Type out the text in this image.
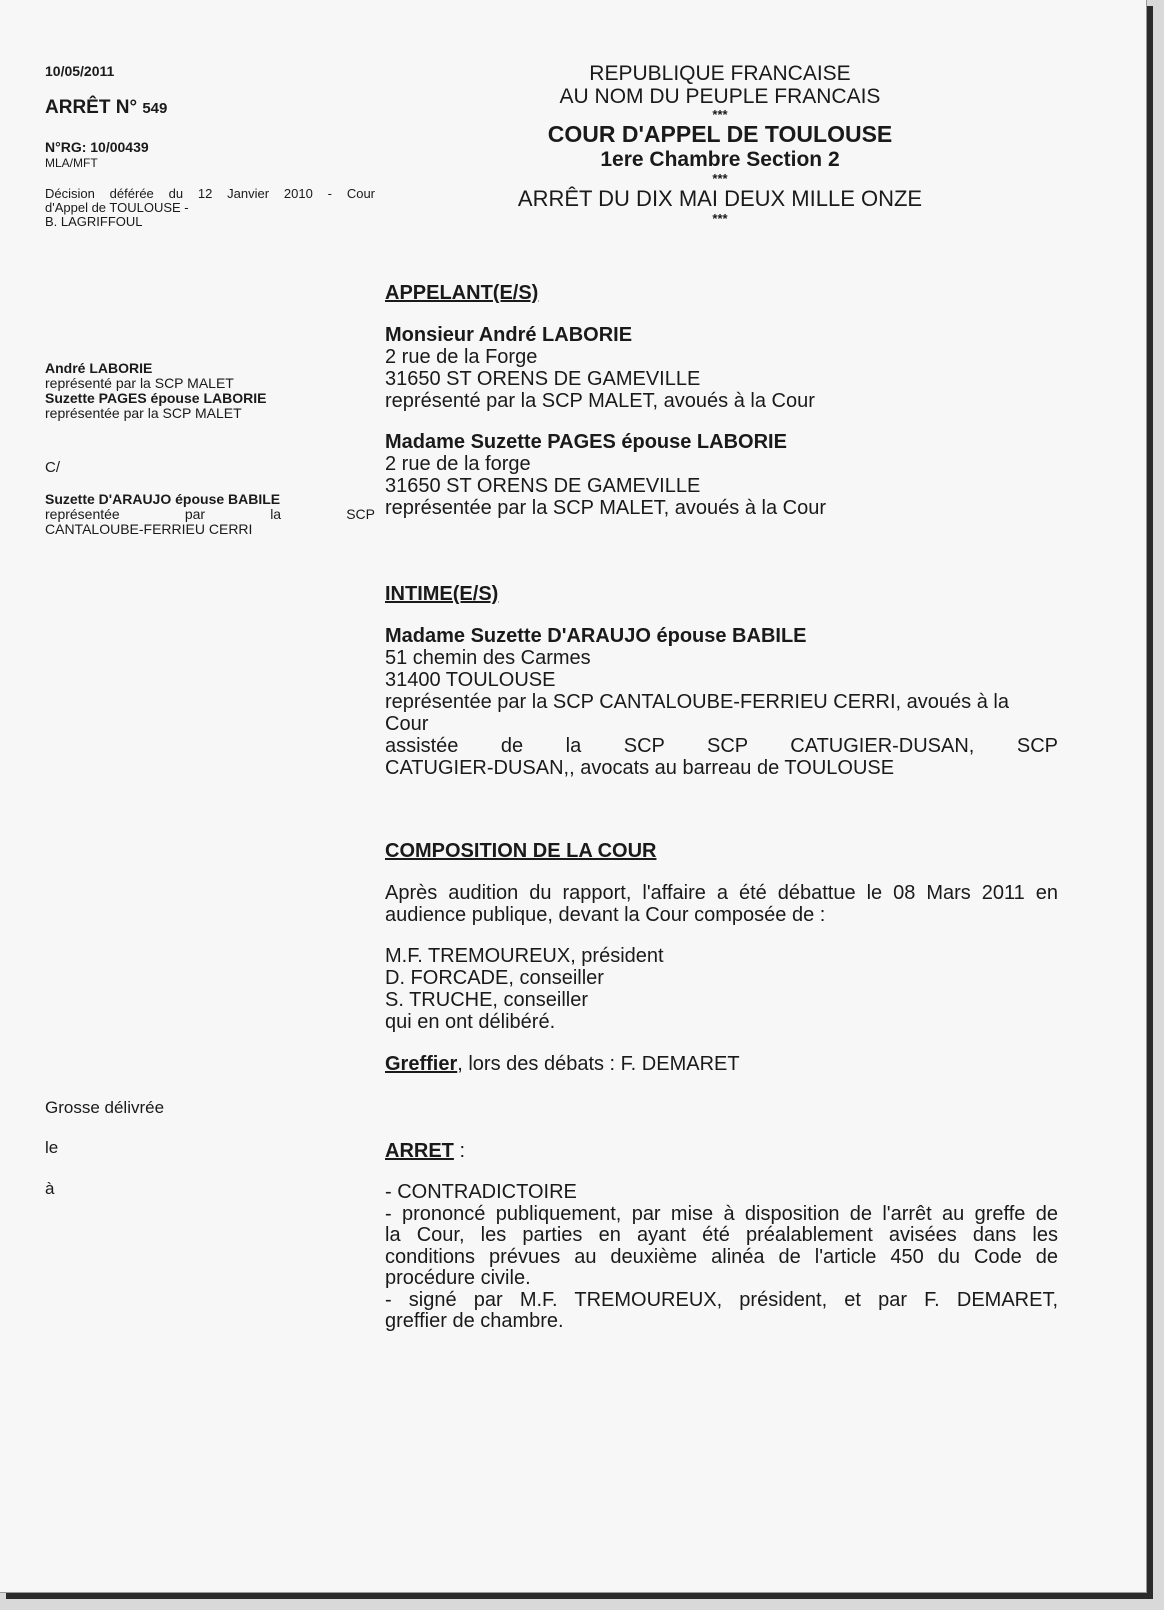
10/05/2011
ARRÊT N° 549
N°RG: 10/00439
MLA/MFT
Décision déférée du 12 Janvier 2010 - Cour
d'Appel de TOULOUSE -
B. LAGRIFFOUL
André LABORIE
représenté par la SCP MALET
Suzette PAGES épouse LABORIE
représentée par la SCP MALET
C/
Suzette D'ARAUJO épouse BABILE
représentée par la SCP
CANTALOUBE-FERRIEU CERRI
Grosse délivrée
le
à
REPUBLIQUE FRANCAISE
AU NOM DU PEUPLE FRANCAIS
***
COUR D'APPEL DE TOULOUSE
1ere Chambre Section 2
***
ARRÊT DU DIX MAI DEUX MILLE ONZE
***
APPELANT(E/S)
Monsieur André LABORIE
2 rue de la Forge
31650 ST ORENS DE GAMEVILLE
représenté par la SCP MALET, avoués à la Cour
Madame Suzette PAGES épouse LABORIE
2 rue de la forge
31650 ST ORENS DE GAMEVILLE
représentée par la SCP MALET, avoués à la Cour
INTIME(E/S)
Madame Suzette D'ARAUJO épouse BABILE
51 chemin des Carmes
31400 TOULOUSE
représentée par la SCP CANTALOUBE-FERRIEU CERRI, avoués à la
Cour
assistée de la SCP SCP CATUGIER-DUSAN, SCP
CATUGIER-DUSAN,, avocats au barreau de TOULOUSE
COMPOSITION DE LA COUR
Après audition du rapport, l'affaire a été débattue le 08 Mars 2011 en
audience publique, devant la Cour composée de :
M.F. TREMOUREUX, président
D. FORCADE, conseiller
S. TRUCHE, conseiller
qui en ont délibéré.
Greffier, lors des débats : F. DEMARET
ARRET :
- CONTRADICTOIRE
- prononcé publiquement, par mise à disposition de l'arrêt au greffe de
la Cour, les parties en ayant été préalablement avisées dans les
conditions prévues au deuxième alinéa de l'article 450 du Code de
procédure civile.
- signé par M.F. TREMOUREUX, président, et par F. DEMARET,
greffier de chambre.
